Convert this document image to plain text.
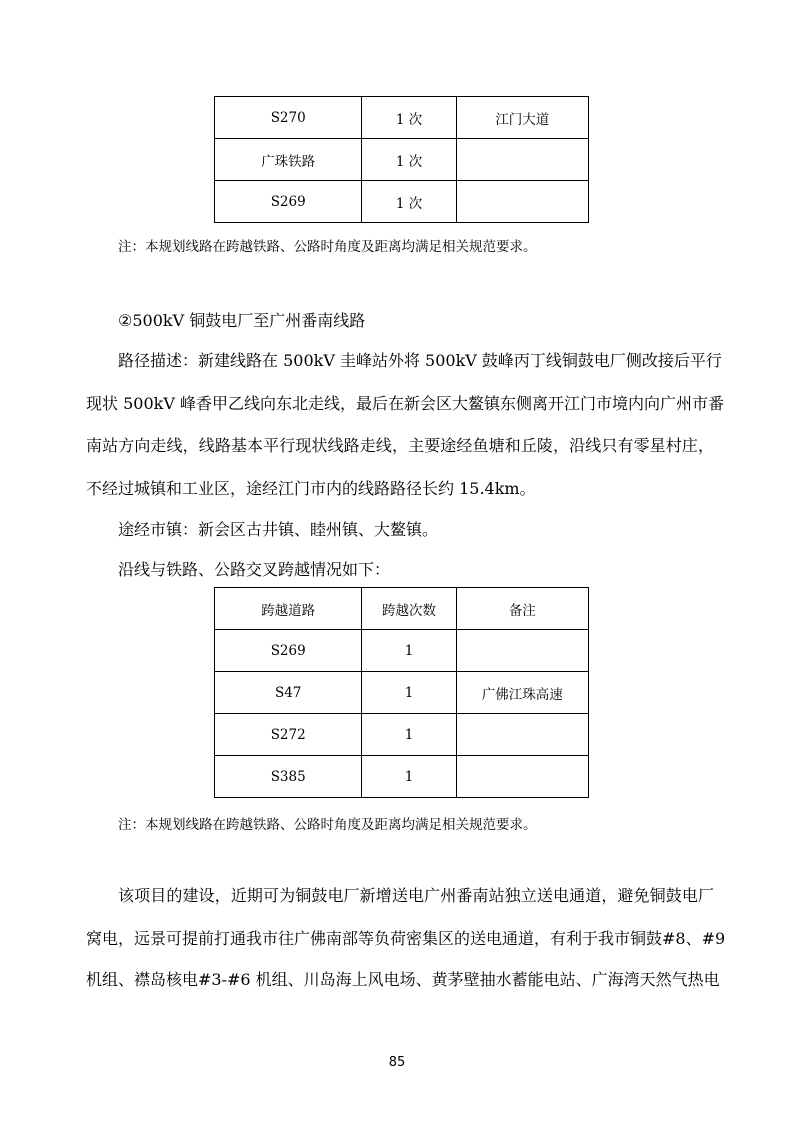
S270	1 次	江门大道
广珠铁路	1 次	
S269	1 次	
注：本规划线路在跨越铁路、公路时角度及距离均满足相关规范要求。
②500kV 铜鼓电厂至广州番南线路
路径描述：新建线路在 500kV 圭峰站外将 500kV 鼓峰丙丁线铜鼓电厂侧改接后平行
现状 500kV 峰香甲乙线向东北走线，最后在新会区大鳌镇东侧离开江门市境内向广州市番
南站方向走线，线路基本平行现状线路走线，主要途经鱼塘和丘陵，沿线只有零星村庄，
不经过城镇和工业区，途经江门市内的线路路径长约 15.4km。
途经市镇：新会区古井镇、睦州镇、大鳌镇。
沿线与铁路、公路交叉跨越情况如下：
跨越道路	跨越次数	备注
S269	1	
S47	1	广佛江珠高速
S272	1	
S385	1	
注：本规划线路在跨越铁路、公路时角度及距离均满足相关规范要求。
该项目的建设，近期可为铜鼓电厂新增送电广州番南站独立送电通道，避免铜鼓电厂
窝电，远景可提前打通我市往广佛南部等负荷密集区的送电通道，有利于我市铜鼓#8、#9
机组、襟岛核电#3-#6 机组、川岛海上风电场、黄茅壁抽水蓄能电站、广海湾天然气热电
85
